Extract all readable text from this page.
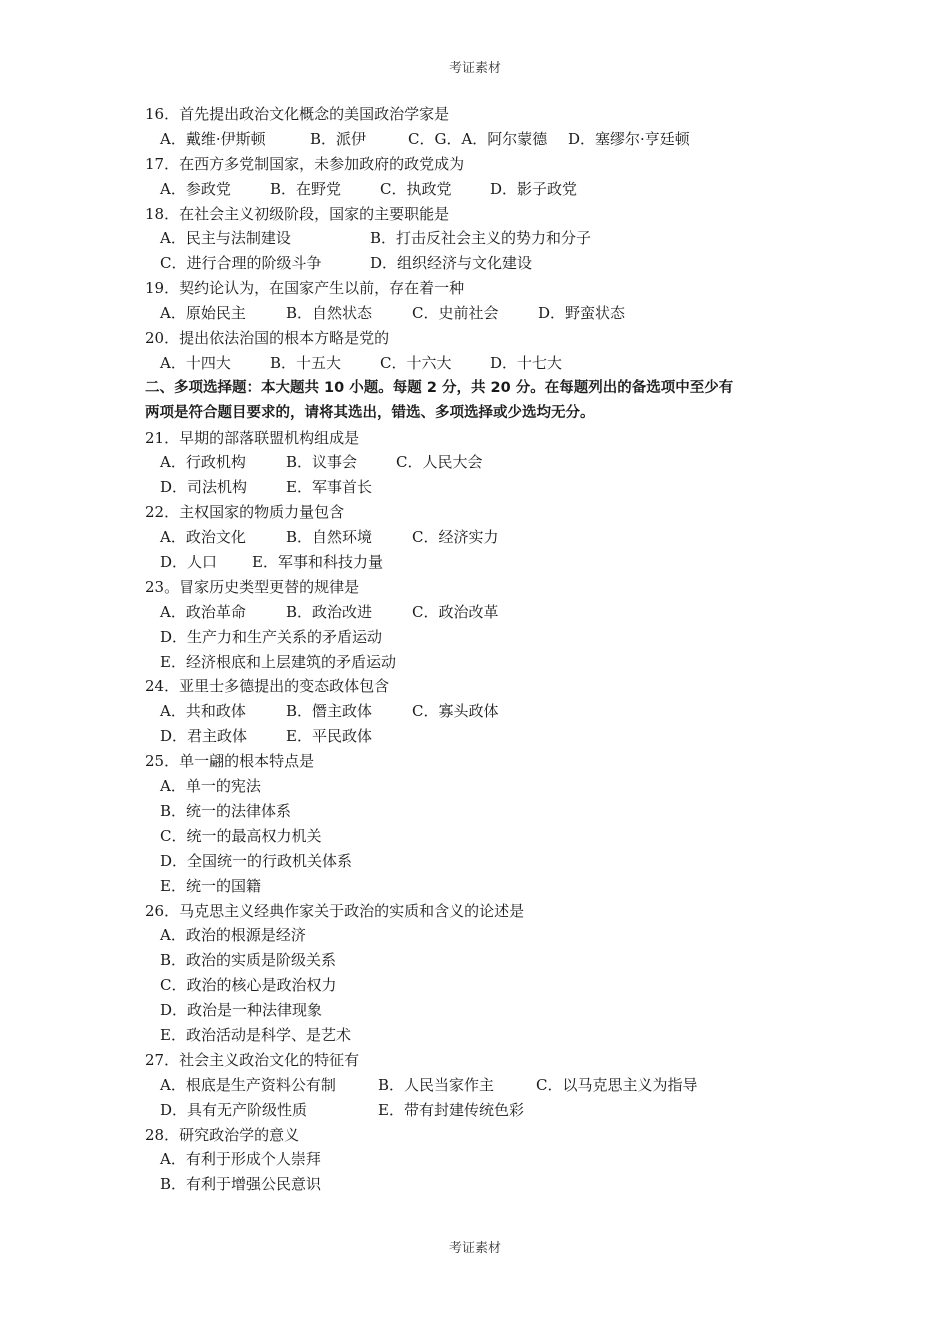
考证素材
16．首先提出政治文化概念的美国政治学家是
A．戴维·伊斯顿	B．派伊	C．G．A．阿尔蒙德 D．塞缪尔·亨廷顿
17．在西方多党制国家，未参加政府的政党成为
A．参政党	B．在野党	C．执政党	D．影子政党
18．在社会主义初级阶段，国家的主要职能是
A．民主与法制建设	B．打击反社会主义的势力和分子
C．进行合理的阶级斗争	D．组织经济与文化建设
19．契约论认为，在国家产生以前，存在着一种
A．原始民主	B．自然状态	C．史前社会	D．野蛮状态
20．提出依法治国的根本方略是党的
A．十四大	B．十五大	C．十六大	D．十七大
二、多项选择题：本大题共 10 小题。每题 2 分，共 20 分。在每题列出的备选项中至少有
两项是符合题目要求的，请将其选出，错选、多项选择或少选均无分。
21．早期的部落联盟机构组成是
A．行政机构	B．议事会	C．人民大会
D．司法机构	E．军事首长
22．主权国家的物质力量包含
A．政治文化	B．自然环境	C．经济实力
D．人口 E．军事和科技力量
23。冒家历史类型更替的规律是
A．政治革命	B．政治改进	C．政治改革
D．生产力和生产关系的矛盾运动
E．经济根底和上层建筑的矛盾运动
24．亚里士多德提出的变态政体包含
A．共和政体	B．僭主政体	C．寡头政体
D．君主政体	E．平民政体
25．单一翩的根本特点是
A．单一的宪法
B．统一的法律体系
C．统一的最高权力机关
D．全国统一的行政机关体系
E．统一的国籍
26．马克思主义经典作家关于政治的实质和含义的论述是
A．政治的根源是经济
B．政治的实质是阶级关系
C．政治的核心是政治权力
D．政治是一种法律现象
E．政治活动是科学、是艺术
27．社会主义政治文化的特征有
A．根底是生产资料公有制	B．人民当家作主	C．以马克思主义为指导
D．具有无产阶级性质	E．带有封建传统色彩
28．研究政治学的意义
A．有利于形成个人崇拜
B．有利于增强公民意识
考证素材
